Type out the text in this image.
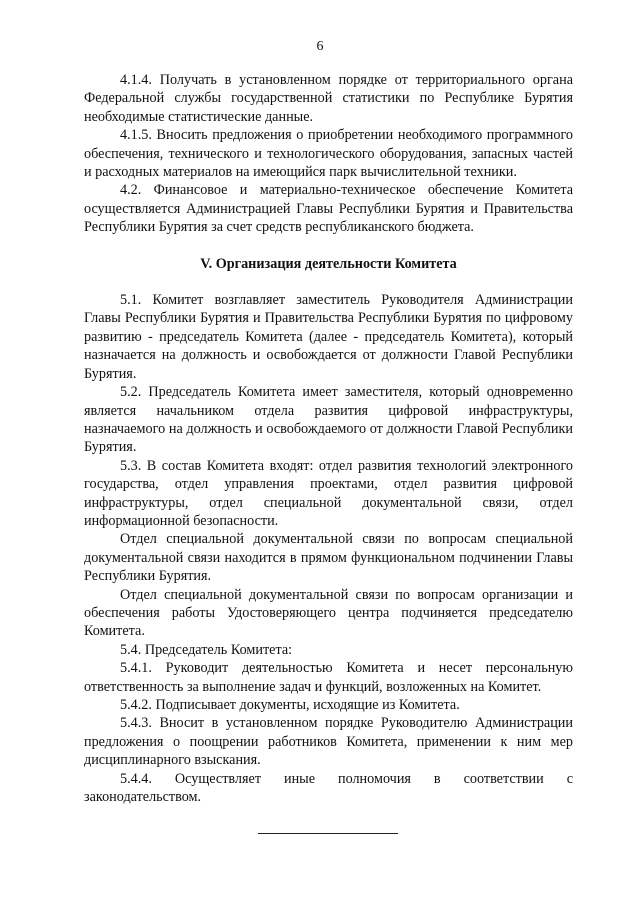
6

4.1.4. Получать в установленном порядке от территориального органа Федеральной службы государственной статистики по Республике Бурятия необходимые статистические данные.

4.1.5. Вносить предложения о приобретении необходимого программного обеспечения, технического и технологического оборудования, запасных частей и расходных материалов на имеющийся парк вычислительной техники.

4.2. Финансовое и материально-техническое обеспечение Комитета осуществляется Администрацией Главы Республики Бурятия и Правительства Республики Бурятия за счет средств республиканского бюджета.

V. Организация деятельности Комитета

5.1. Комитет возглавляет заместитель Руководителя Администрации Главы Республики Бурятия и Правительства Республики Бурятия по цифровому развитию - председатель Комитета (далее - председатель Комитета), который назначается на должность и освобождается от должности Главой Республики Бурятия.

5.2. Председатель Комитета имеет заместителя, который одновременно является начальником отдела развития цифровой инфраструктуры, назначаемого на должность и освобождаемого от должности Главой Республики Бурятия.

5.3. В состав Комитета входят: отдел развития технологий электронного государства, отдел управления проектами, отдел развития цифровой инфраструктуры, отдел специальной документальной связи, отдел информационной безопасности.

Отдел специальной документальной связи по вопросам специальной документальной связи находится в прямом функциональном подчинении Главы Республики Бурятия.

Отдел специальной документальной связи по вопросам организации и обеспечения работы Удостоверяющего центра подчиняется председателю Комитета.

5.4. Председатель Комитета:

5.4.1. Руководит деятельностью Комитета и несет персональную ответственность за выполнение задач и функций, возложенных на Комитет.

5.4.2. Подписывает документы, исходящие из Комитета.

5.4.3. Вносит в установленном порядке Руководителю Администрации предложения о поощрении работников Комитета, применении к ним мер дисциплинарного взыскания.

5.4.4. Осуществляет иные полномочия в соответствии с законодательством.
